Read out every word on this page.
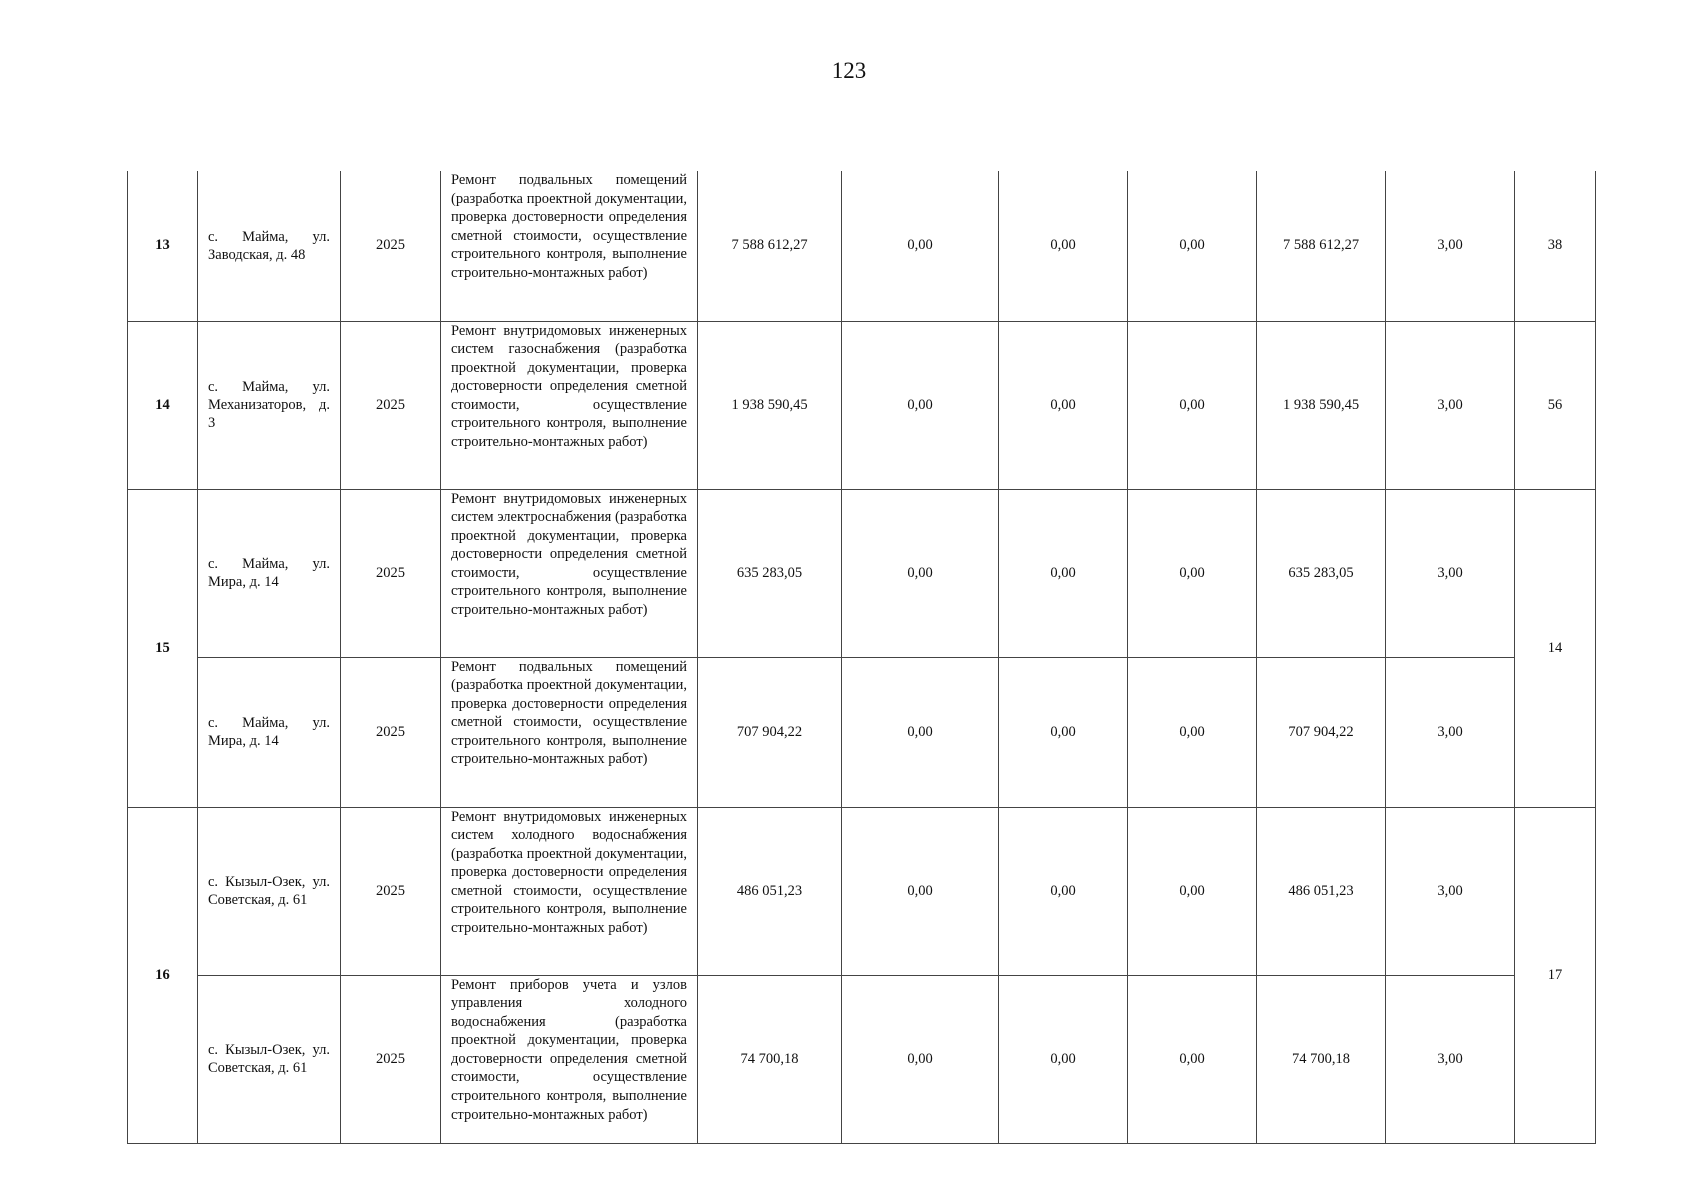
123
13	с. Майма, ул. Заводская, д. 48	2025	Ремонт подвальных помещений (разработка проектной документации, проверка достоверности определения сметной стоимости, осуществление строительного контроля, выполнение строительно-монтажных работ)	7 588 612,27	0,00	0,00	0,00	7 588 612,27	3,00	38
14	с. Майма, ул. Механизаторов, д. 3	2025	Ремонт внутридомовых инженерных систем газоснабжения (разработка проектной документации, проверка достоверности определения сметной стоимости, осуществление строительного контроля, выполнение строительно-монтажных работ)	1 938 590,45	0,00	0,00	0,00	1 938 590,45	3,00	56
15	с. Майма, ул. Мира, д. 14	2025	Ремонт внутридомовых инженерных систем электроснабжения (разработка проектной документации, проверка достоверности определения сметной стоимости, осуществление строительного контроля, выполнение строительно-монтажных работ)	635 283,05	0,00	0,00	0,00	635 283,05	3,00	14
	с. Майма, ул. Мира, д. 14	2025	Ремонт подвальных помещений (разработка проектной документации, проверка достоверности определения сметной стоимости, осуществление строительного контроля, выполнение строительно-монтажных работ)	707 904,22	0,00	0,00	0,00	707 904,22	3,00	
16	с. Кызыл-Озек, ул. Советская, д. 61	2025	Ремонт внутридомовых инженерных систем холодного водоснабжения (разработка проектной документации, проверка достоверности определения сметной стоимости, осуществление строительного контроля, выполнение строительно-монтажных работ)	486 051,23	0,00	0,00	0,00	486 051,23	3,00	17
	с. Кызыл-Озек, ул. Советская, д. 61	2025	Ремонт приборов учета и узлов управления холодного водоснабжения (разработка проектной документации, проверка достоверности определения сметной стоимости, осуществление строительного контроля, выполнение строительно-монтажных работ)	74 700,18	0,00	0,00	0,00	74 700,18	3,00	
